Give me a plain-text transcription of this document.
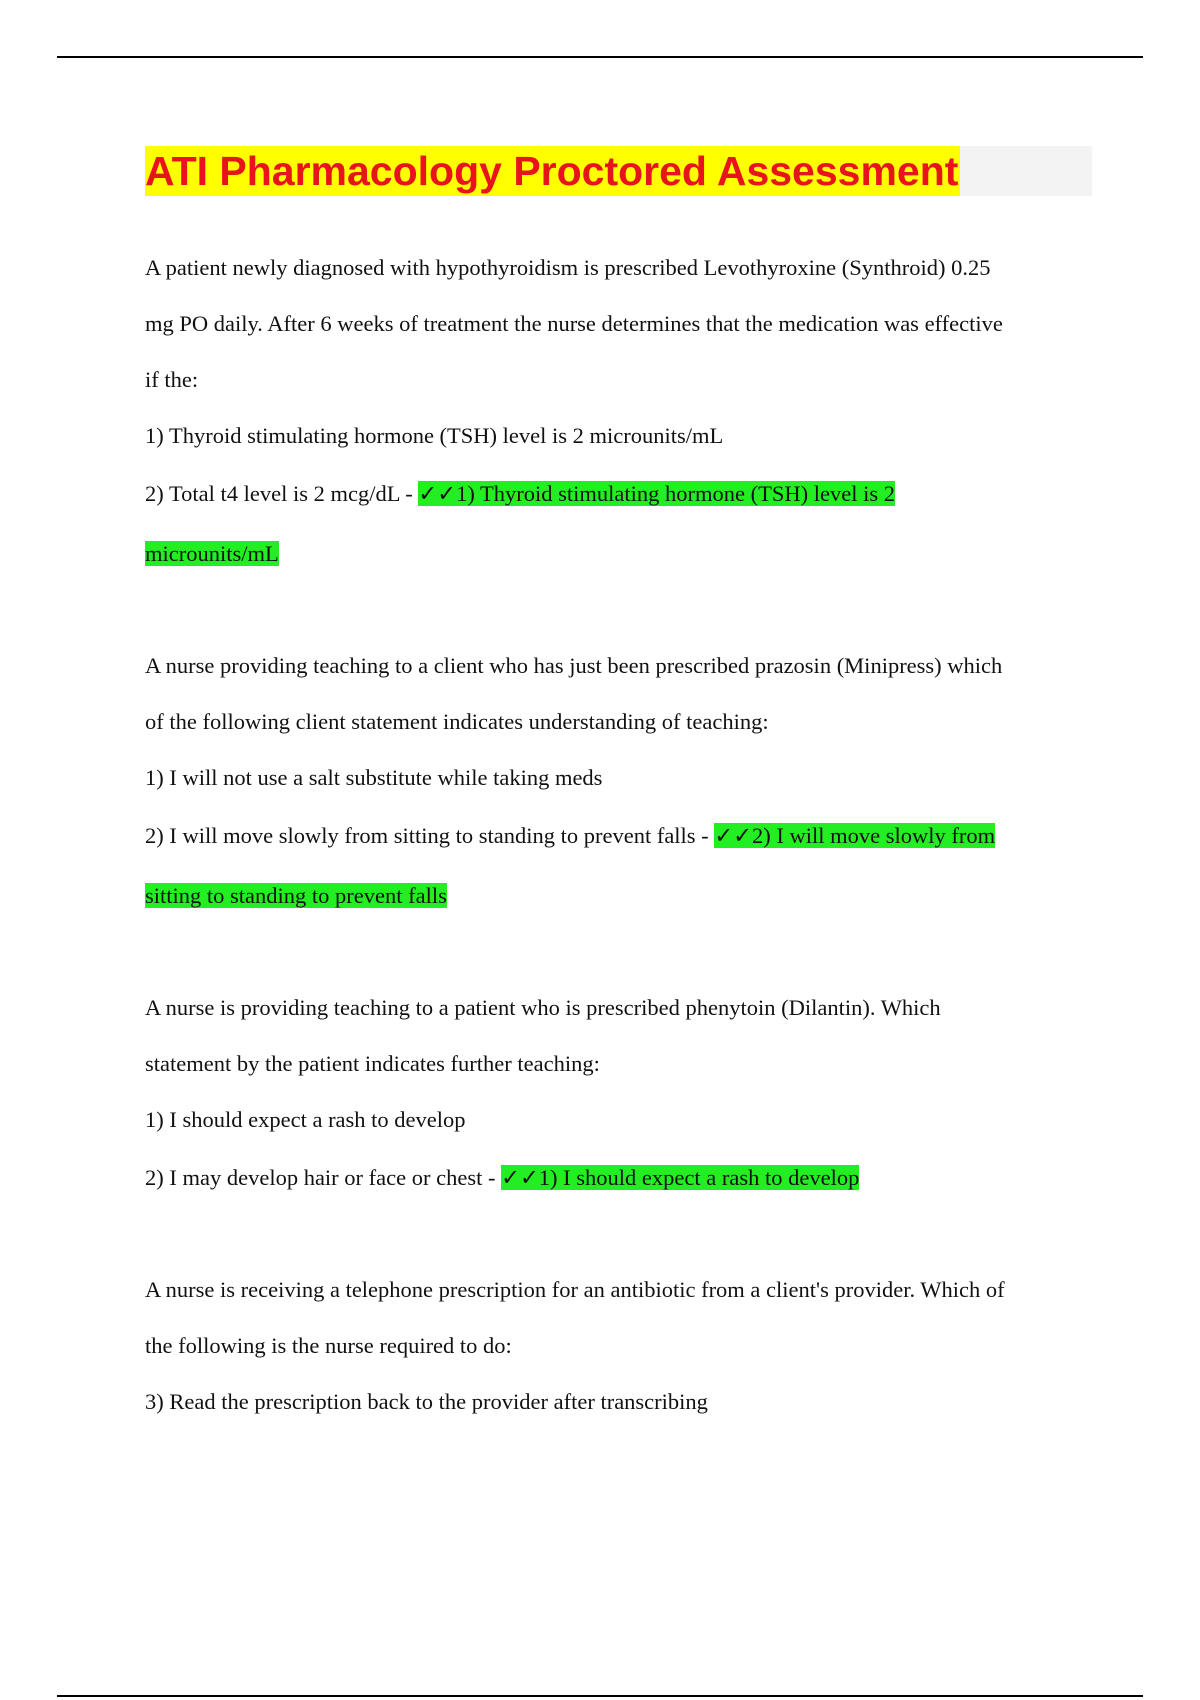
ATI Pharmacology Proctored Assessment

A patient newly diagnosed with hypothyroidism is prescribed Levothyroxine (Synthroid) 0.25

mg PO daily. After 6 weeks of treatment the nurse determines that the medication was effective

if the:

1) Thyroid stimulating hormone (TSH) level is 2 microunits/mL

2) Total t4 level is 2 mcg/dL - ✓✓1) Thyroid stimulating hormone (TSH) level is 2

microunits/mL

A nurse providing teaching to a client who has just been prescribed prazosin (Minipress) which

of the following client statement indicates understanding of teaching:

1) I will not use a salt substitute while taking meds

2) I will move slowly from sitting to standing to prevent falls - ✓✓2) I will move slowly from

sitting to standing to prevent falls

A nurse is providing teaching to a patient who is prescribed phenytoin (Dilantin). Which

statement by the patient indicates further teaching:

1) I should expect a rash to develop

2) I may develop hair or face or chest - ✓✓1) I should expect a rash to develop

A nurse is receiving a telephone prescription for an antibiotic from a client's provider. Which of

the following is the nurse required to do:

3) Read the prescription back to the provider after transcribing
